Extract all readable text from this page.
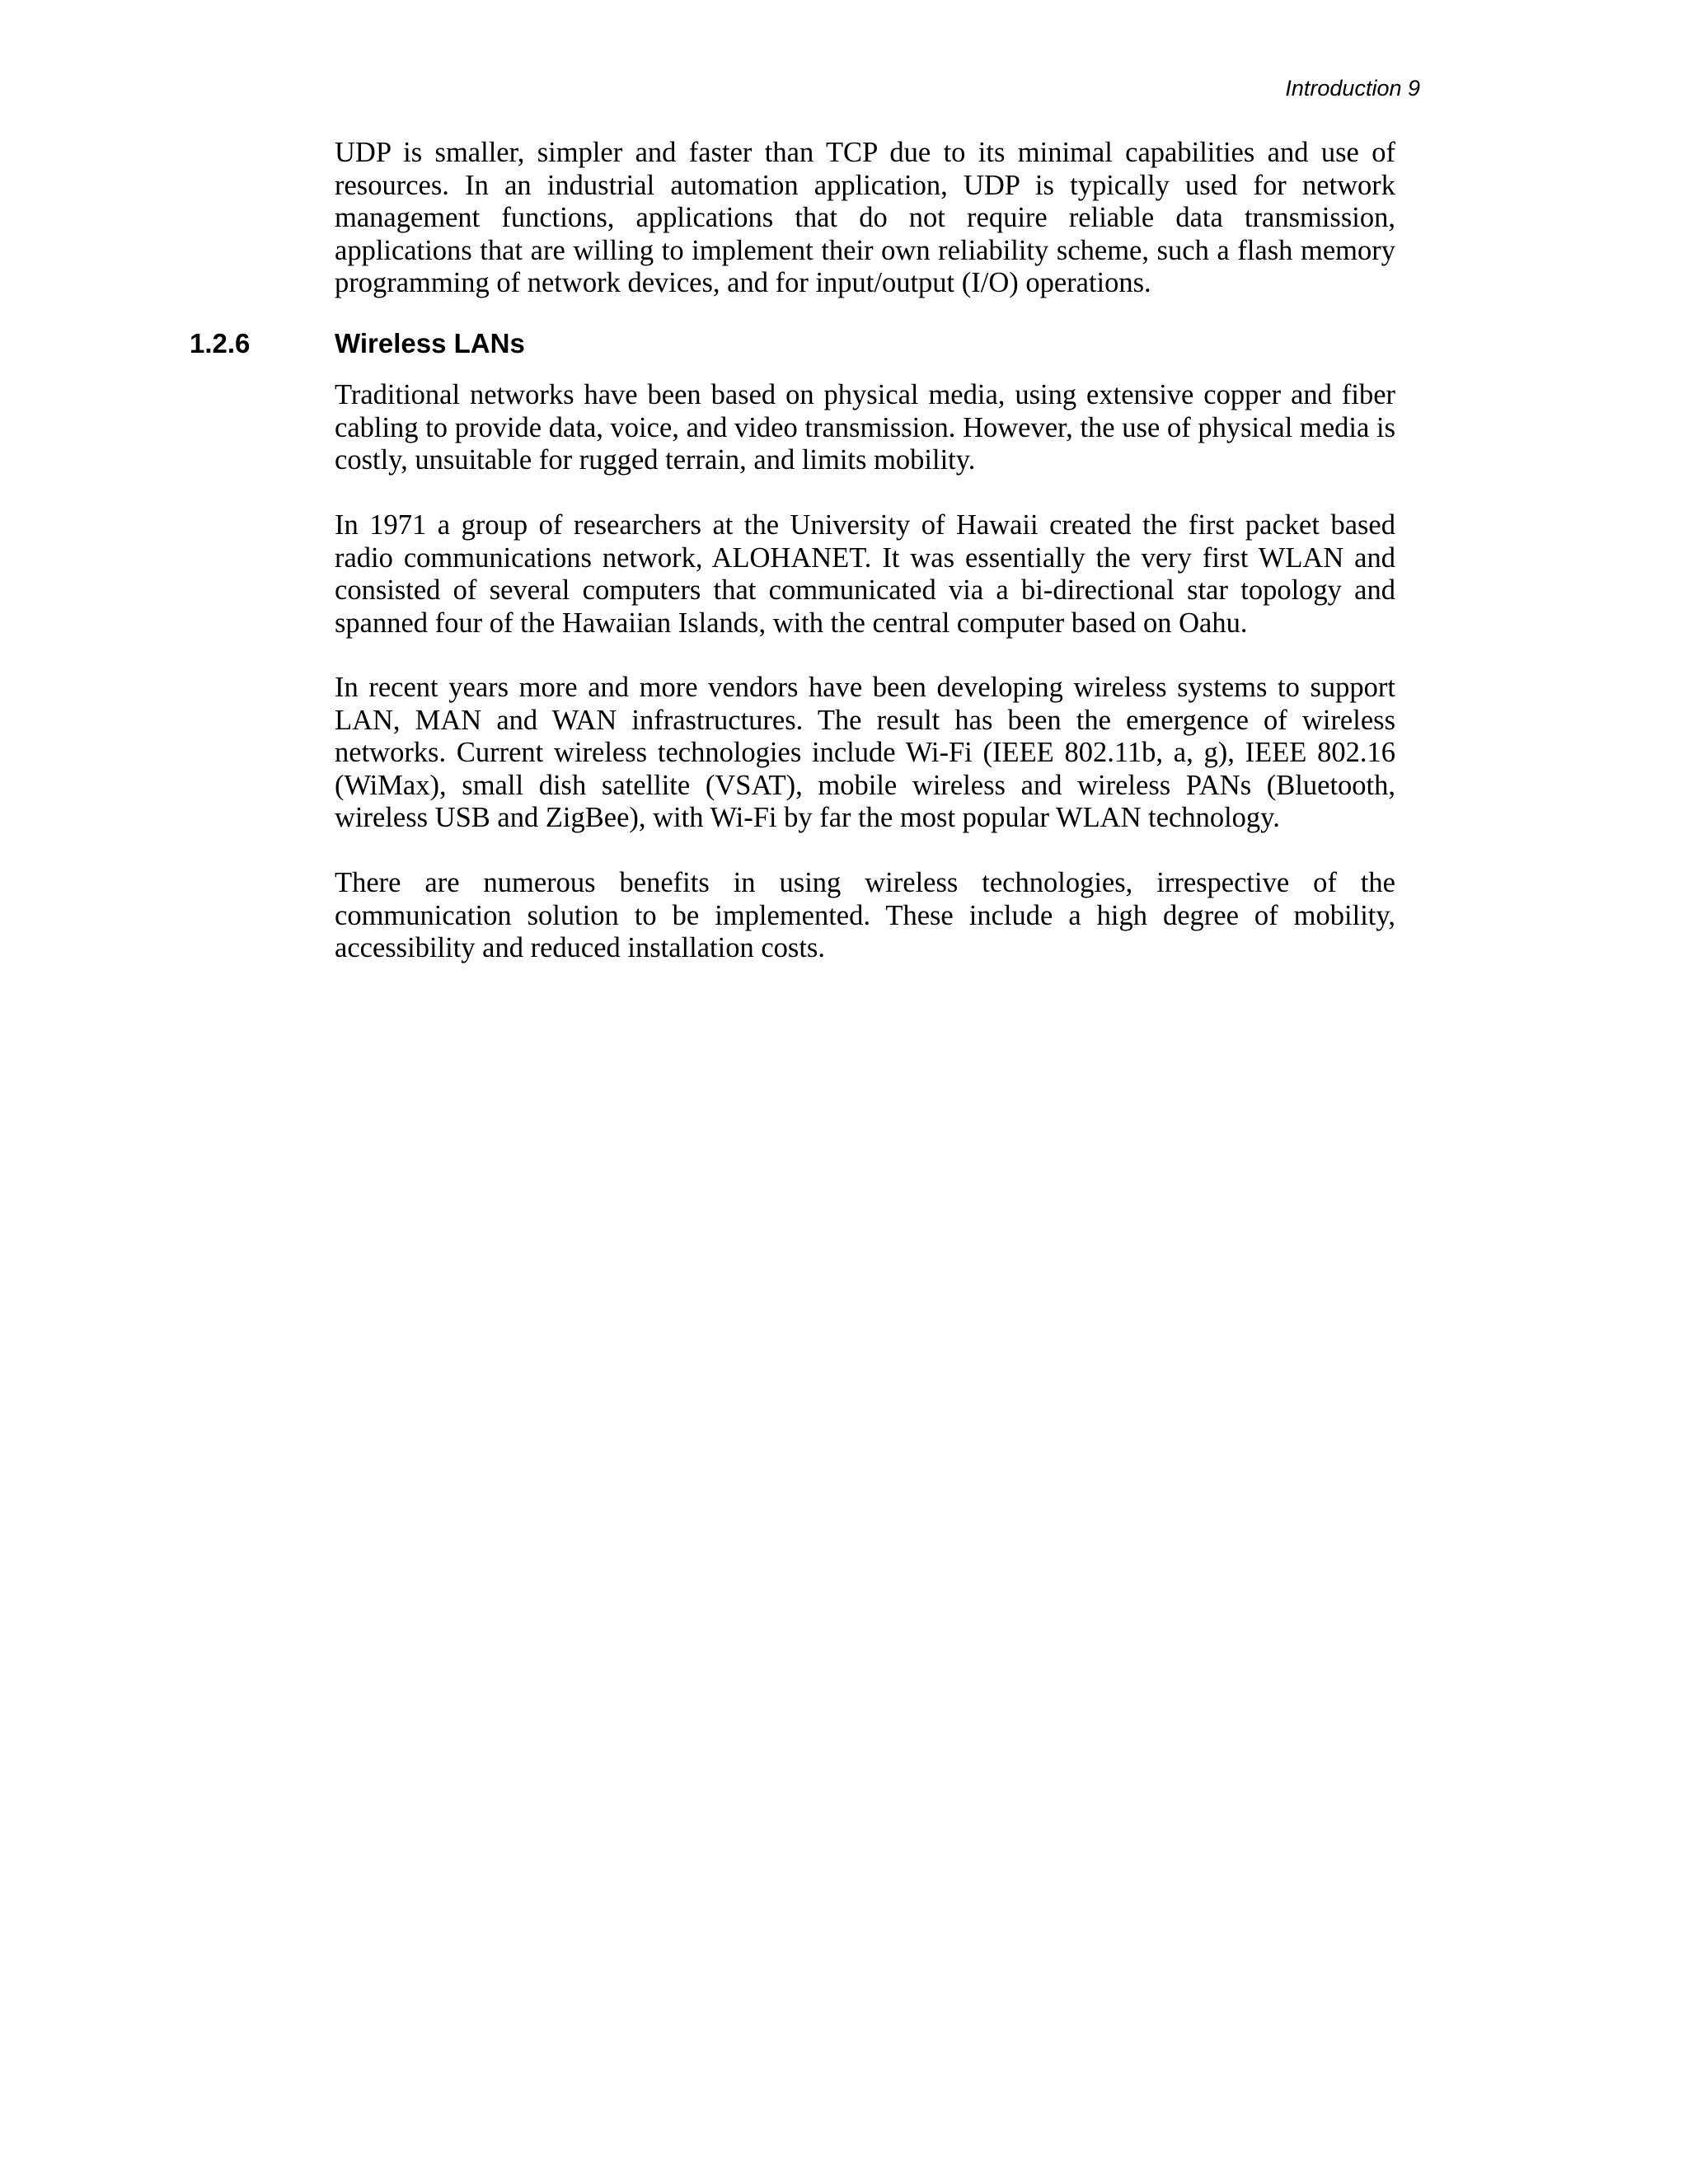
Introduction 9

UDP is smaller, simpler and faster than TCP due to its minimal capabilities and use of resources. In an industrial automation application, UDP is typically used for network management functions, applications that do not require reliable data transmission, applications that are willing to implement their own reliability scheme, such a flash memory programming of network devices, and for input/output (I/O) operations.

1.2.6	Wireless LANs

Traditional networks have been based on physical media, using extensive copper and fiber cabling to provide data, voice, and video transmission. However, the use of physical media is costly, unsuitable for rugged terrain, and limits mobility.

In 1971 a group of researchers at the University of Hawaii created the first packet based radio communications network, ALOHANET. It was essentially the very first WLAN and consisted of several computers that communicated via a bi-directional star topology and spanned four of the Hawaiian Islands, with the central computer based on Oahu.

In recent years more and more vendors have been developing wireless systems to support LAN, MAN and WAN infrastructures. The result has been the emergence of wireless networks. Current wireless technologies include Wi-Fi (IEEE 802.11b, a, g), IEEE 802.16 (WiMax), small dish satellite (VSAT), mobile wireless and wireless PANs (Bluetooth, wireless USB and ZigBee), with Wi-Fi by far the most popular WLAN technology.

There are numerous benefits in using wireless technologies, irrespective of the communication solution to be implemented. These include a high degree of mobility, accessibility and reduced installation costs.
